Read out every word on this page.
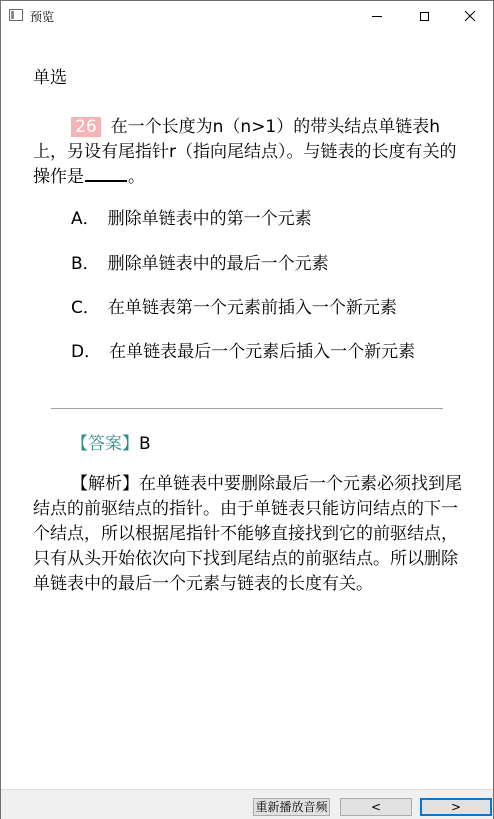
预览
单选
26 在一个长度为n（n>1）的带头结点单链表h上，另设有尾指针r（指向尾结点）。与链表的长度有关的操作是	。
A． 删除单链表中的第一个元素
B． 删除单链表中的最后一个元素
C． 在单链表第一个元素前插入一个新元素
D． 在单链表最后一个元素后插入一个新元素
【答案】B
【解析】在单链表中要删除最后一个元素必须找到尾结点的前驱结点的指针。由于单链表只能访问结点的下一个结点，所以根据尾指针不能够直接找到它的前驱结点，只有从头开始依次向下找到尾结点的前驱结点。所以删除单链表中的最后一个元素与链表的长度有关。
重新播放音频	<	>
